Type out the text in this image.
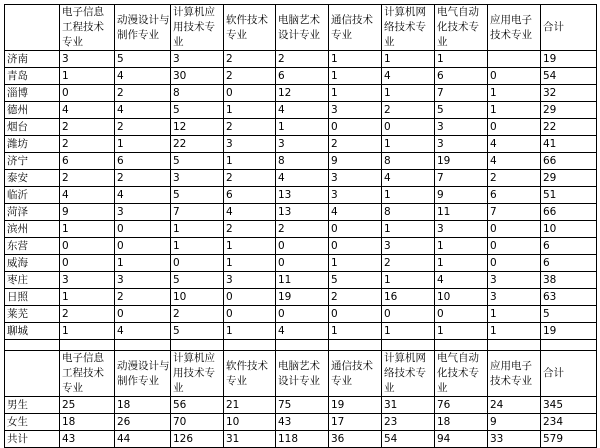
	电子信息工程技术专业	动漫设计与制作专业	计算机应用技术专业	软件技术专业	电脑艺术设计专业	通信技术专业	计算机网络技术专业	电气自动化技术专业	应用电子技术专业	合计
济南	3	5	3	2	2	1	1	1		19
青岛	1	4	30	2	6	1	4	6	0	54
淄博	0	2	8	0	12	1	1	7	1	32
德州	4	4	5	1	4	3	2	5	1	29
烟台	2	2	12	2	1	0	0	3	0	22
潍坊	2	1	22	3	3	2	1	3	4	41
济宁	6	6	5	1	8	9	8	19	4	66
泰安	2	2	3	2	4	3	4	7	2	29
临沂	4	4	5	6	13	3	1	9	6	51
菏泽	9	3	7	4	13	4	8	11	7	66
滨州	1	0	1	2	2	0	1	3	0	10
东营	0	0	1	1	0	0	3	1	0	6
威海	0	1	0	1	0	1	2	1	0	6
枣庄	3	3	5	3	11	5	1	4	3	38
日照	1	2	10	0	19	2	16	10	3	63
莱芜	2	0	2	0	0	0	0	0	1	5
聊城	1	4	5	1	4	1	1	1	1	19

	电子信息工程技术专业	动漫设计与制作专业	计算机应用技术专业	软件技术专业	电脑艺术设计专业	通信技术专业	计算机网络技术专业	电气自动化技术专业	应用电子技术专业	合计
男生	25	18	56	21	75	19	31	76	24	345
女生	18	26	70	10	43	17	23	18	9	234
共计	43	44	126	31	118	36	54	94	33	579
